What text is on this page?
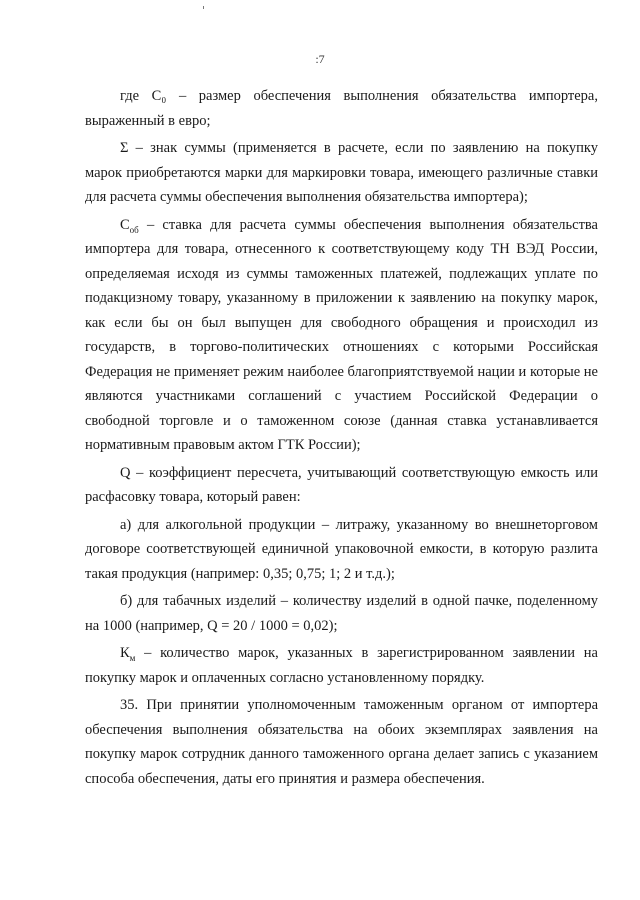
:7

где C₀ – размер обеспечения выполнения обязательства импортера, выраженный в евро;

Σ – знак суммы (применяется в расчете, если по заявлению на покупку марок приобретаются марки для маркировки товара, имеющего различные ставки для расчета суммы обеспечения выполнения обязательства импортера);

$С_{об}$ – ставка для расчета суммы обеспечения выполнения обязательства импортера для товара, отнесенного к соответствующему коду ТН ВЭД России, определяемая исходя из суммы таможенных платежей, подлежащих уплате по подакцизному товару, указанному в приложении к заявлению на покупку марок, как если бы он был выпущен для свободного обращения и происходил из государств, в торгово-политических отношениях с которыми Российская Федерация не применяет режим наиболее благоприятствуемой нации и которые не являются участниками соглашений с участием Российской Федерации о свободной торговле и о таможенном союзе (данная ставка устанавливается нормативным правовым актом ГТК России);

Q – коэффициент пересчета, учитывающий соответствующую емкость или расфасовку товара, который равен:

а) для алкогольной продукции – литражу, указанному во внешнеторговом договоре соответствующей единичной упаковочной емкости, в которую разлита такая продукция (например: 0,35; 0,75; 1; 2 и т.д.);

б) для табачных изделий – количеству изделий в одной пачке, поделенному на 1000 (например, Q = 20 / 1000 = 0,02);

$К_м$ – количество марок, указанных в зарегистрированном заявлении на покупку марок и оплаченных согласно установленному порядку.

35. При принятии уполномоченным таможенным органом от импортера обеспечения выполнения обязательства на обоих экземплярах заявления на покупку марок сотрудник данного таможенного органа делает запись с указанием способа обеспечения, даты его принятия и размера обеспечения.
